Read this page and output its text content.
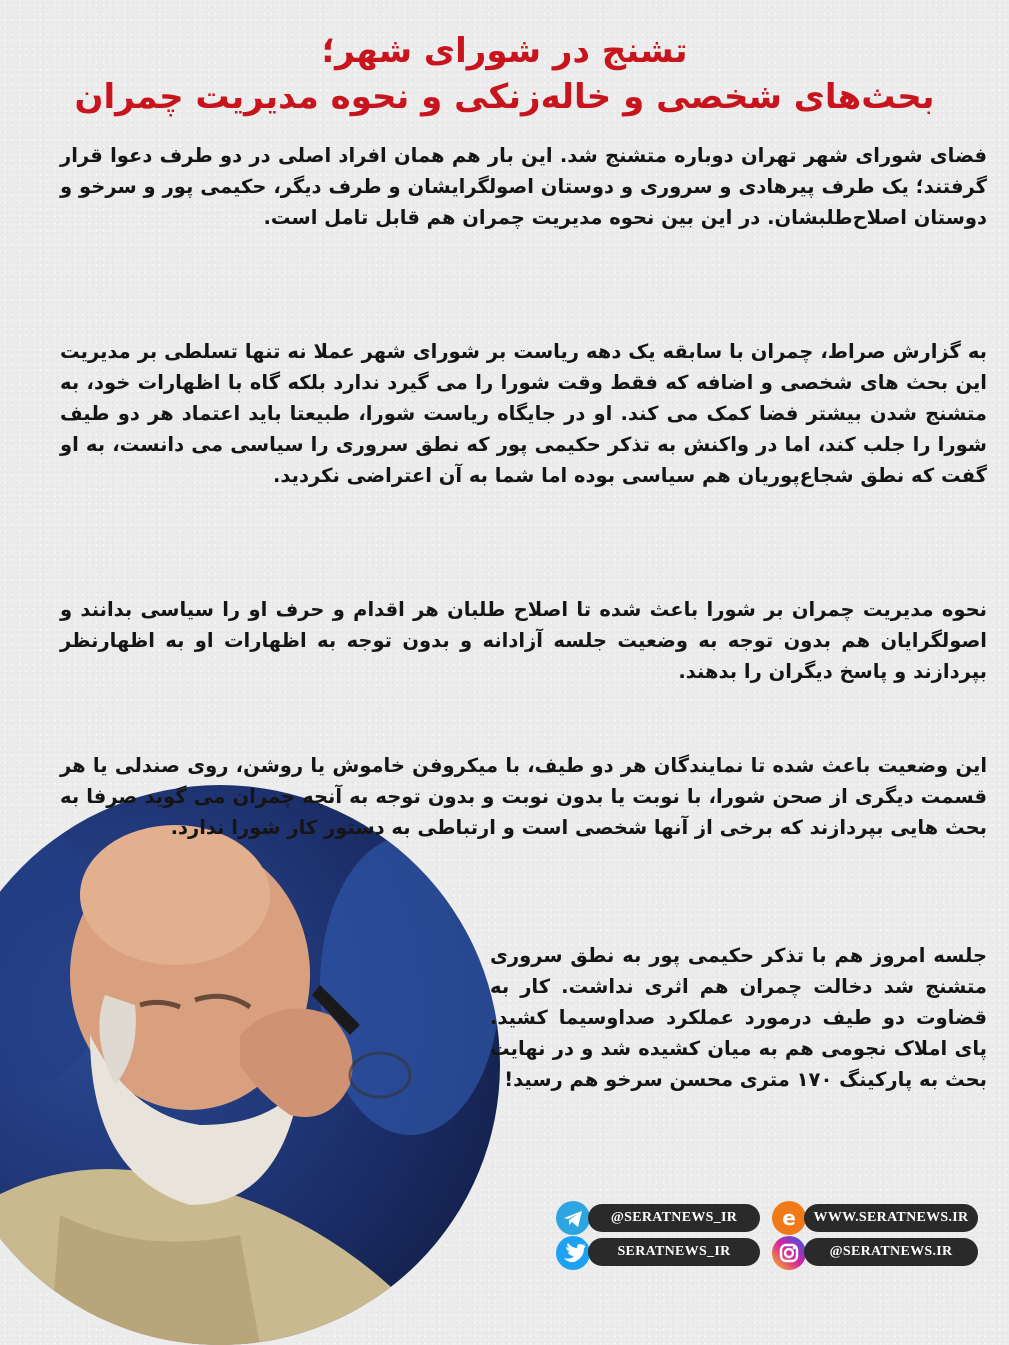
تشنج در شورای شهر؛
بحث‌های شخصی و خاله‌زنکی و نحوه مدیریت چمران

فضای شورای شهر تهران دوباره متشنج شد. این بار هم همان افراد اصلی در دو طرف دعوا قرار گرفتند؛ یک طرف پیرهادی و سروری و دوستان اصولگرایشان و طرف دیگر، حکیمی پور و سرخو و دوستان اصلاح‌طلبشان. در این بین نحوه مدیریت چمران هم قابل تامل است.

به گزارش صراط، چمران با سابقه یک دهه ریاست بر شورای شهر عملا نه تنها تسلطی بر مدیریت این بحث های شخصی و اضافه که فقط وقت شورا را می گیرد ندارد بلکه گاه با اظهارات خود، به متشنج شدن بیشتر فضا کمک می کند. او در جایگاه ریاست شورا، طبیعتا باید اعتماد هر دو طیف شورا را جلب کند، اما در واکنش به تذکر حکیمی پور که نطق سروری را سیاسی می دانست، به او گفت که نطق شجاع‌پوریان هم سیاسی بوده اما شما به آن اعتراضی نکردید.

نحوه مدیریت چمران بر شورا باعث شده تا اصلاح طلبان هر اقدام و حرف او را سیاسی بدانند و اصولگرایان هم بدون توجه به وضعیت جلسه آزادانه و بدون توجه به اظهارات او به اظهارنظر بپردازند و پاسخ دیگران را بدهند.

این وضعیت باعث شده تا نمایندگان هر دو طیف، با میکروفن خاموش یا روشن، روی صندلی یا هر قسمت دیگری از صحن شورا، با نوبت یا بدون نوبت و بدون توجه به آنچه چمران می گوید صرفا به بحث هایی بپردازند که برخی از آنها شخصی است و ارتباطی به دستور کار شورا ندارد.

جلسه امروز هم با تذکر حکیمی پور به نطق سروری متشنج شد دخالت چمران هم اثری نداشت. کار به قضاوت دو طیف درمورد عملکرد صداوسیما کشید. پای املاک نجومی هم به میان کشیده شد و در نهایت بحث به پارکینگ ۱۷۰ متری محسن سرخو هم رسید!

@SERATNEWS_IR	e	WWW.SERATNEWS.IR
SERATNEWS_IR	@SERATNEWS.IR
